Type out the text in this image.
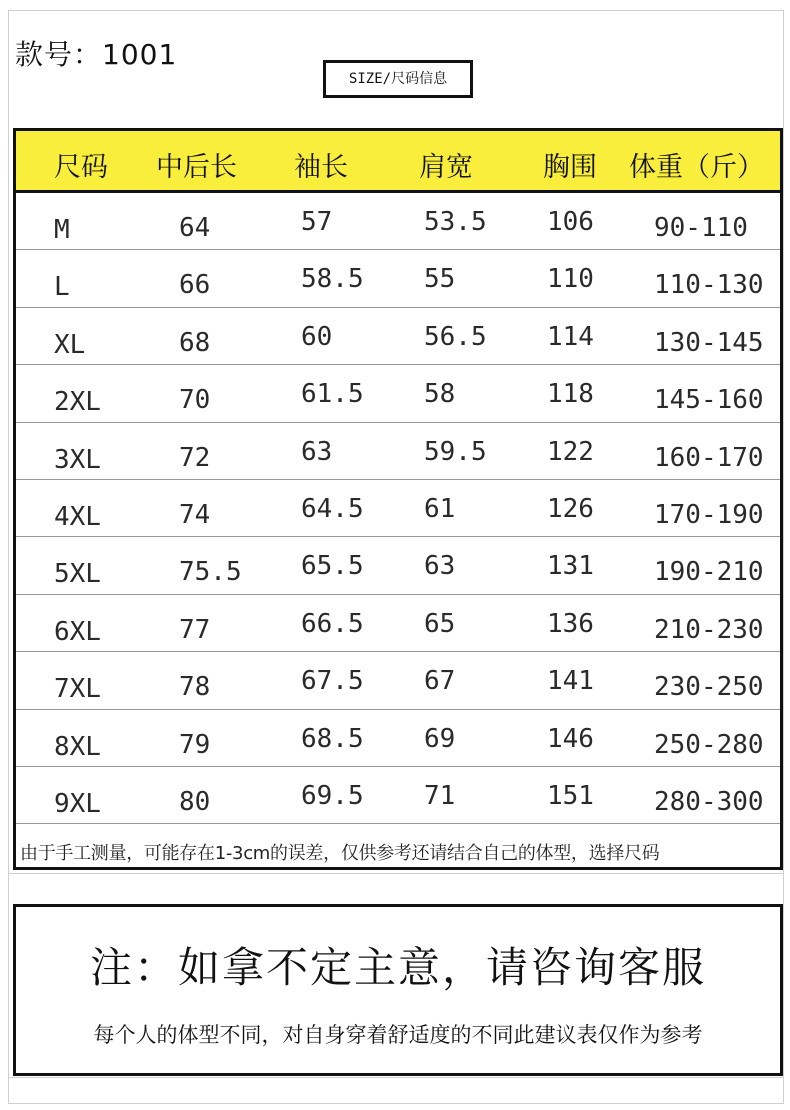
款号：1001
SIZE/尺码信息
尺码 中后长 袖长	肩宽	胸围 体重（斤）
M	64	57	53.5 106 90-110
L	66	58.5 55	110 110-130
XL	68	60	56.5 114 130-145
2XL	70	61.5 58	118 145-160
3XL	72	63	59.5 122 160-170
4XL	74	64.5 61	126 170-190
5XL	75.5 65.5 63	131 190-210
6XL	77	66.5 65	136 210-230
7XL	78	67.5 67	141 230-250
8XL	79	68.5 69	146 250-280
9XL	80	69.5 71	151 280-300
由于手工测量，可能存在1-3cm的误差，仅供参考还请结合自己的体型，选择尺码
注：如拿不定主意，请咨询客服
每个人的体型不同，对自身穿着舒适度的不同此建议表仅作为参考
